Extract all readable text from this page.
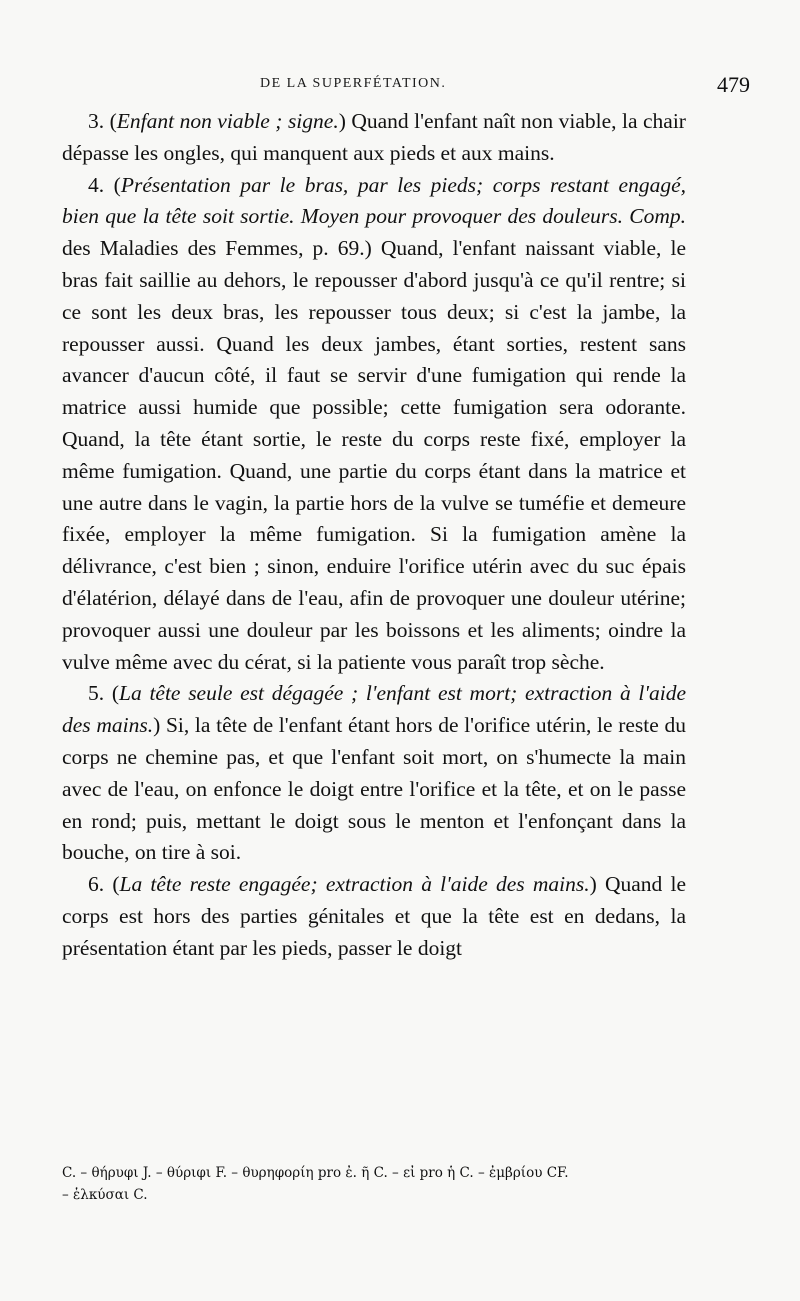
DE LA SUPERFÉTATION.	479

3. (Enfant non viable ; signe.) Quand l'enfant naît non viable, la chair dépasse les ongles, qui manquent aux pieds et aux mains.

4. (Présentation par le bras, par les pieds; corps restant engagé, bien que la tête soit sortie. Moyen pour provoquer des douleurs. Comp. des Maladies des Femmes, p. 69.) Quand, l'enfant naissant viable, le bras fait saillie au dehors, le repousser d'abord jusqu'à ce qu'il rentre; si ce sont les deux bras, les repousser tous deux; si c'est la jambe, la repousser aussi. Quand les deux jambes, étant sorties, restent sans avancer d'aucun côté, il faut se servir d'une fumigation qui rende la matrice aussi humide que possible; cette fumigation sera odorante. Quand, la tête étant sortie, le reste du corps reste fixé, employer la même fumigation. Quand, une partie du corps étant dans la matrice et une autre dans le vagin, la partie hors de la vulve se tuméfie et demeure fixée, employer la même fumigation. Si la fumigation amène la délivrance, c'est bien ; sinon, enduire l'orifice utérin avec du suc épais d'élatérion, délayé dans de l'eau, afin de provoquer une douleur utérine; provoquer aussi une douleur par les boissons et les aliments; oindre la vulve même avec du cérat, si la patiente vous paraît trop sèche.

5. (La tête seule est dégagée ; l'enfant est mort; extraction à l'aide des mains.) Si, la tête de l'enfant étant hors de l'orifice utérin, le reste du corps ne chemine pas, et que l'enfant soit mort, on s'humecte la main avec de l'eau, on enfonce le doigt entre l'orifice et la tête, et on le passe en rond; puis, mettant le doigt sous le menton et l'enfonçant dans la bouche, on tire à soi.

6. (La tête reste engagée; extraction à l'aide des mains.) Quand le corps est hors des parties génitales et que la tête est en dedans, la présentation étant par les pieds, passer le doigt

C. – θήρυφι J. – θύριφι F. – θυρηφορίη pro ἐ. ῆ C. – εἰ pro ἡ C. – ἐμβρίου CF.

– ἑλκύσαι C.
